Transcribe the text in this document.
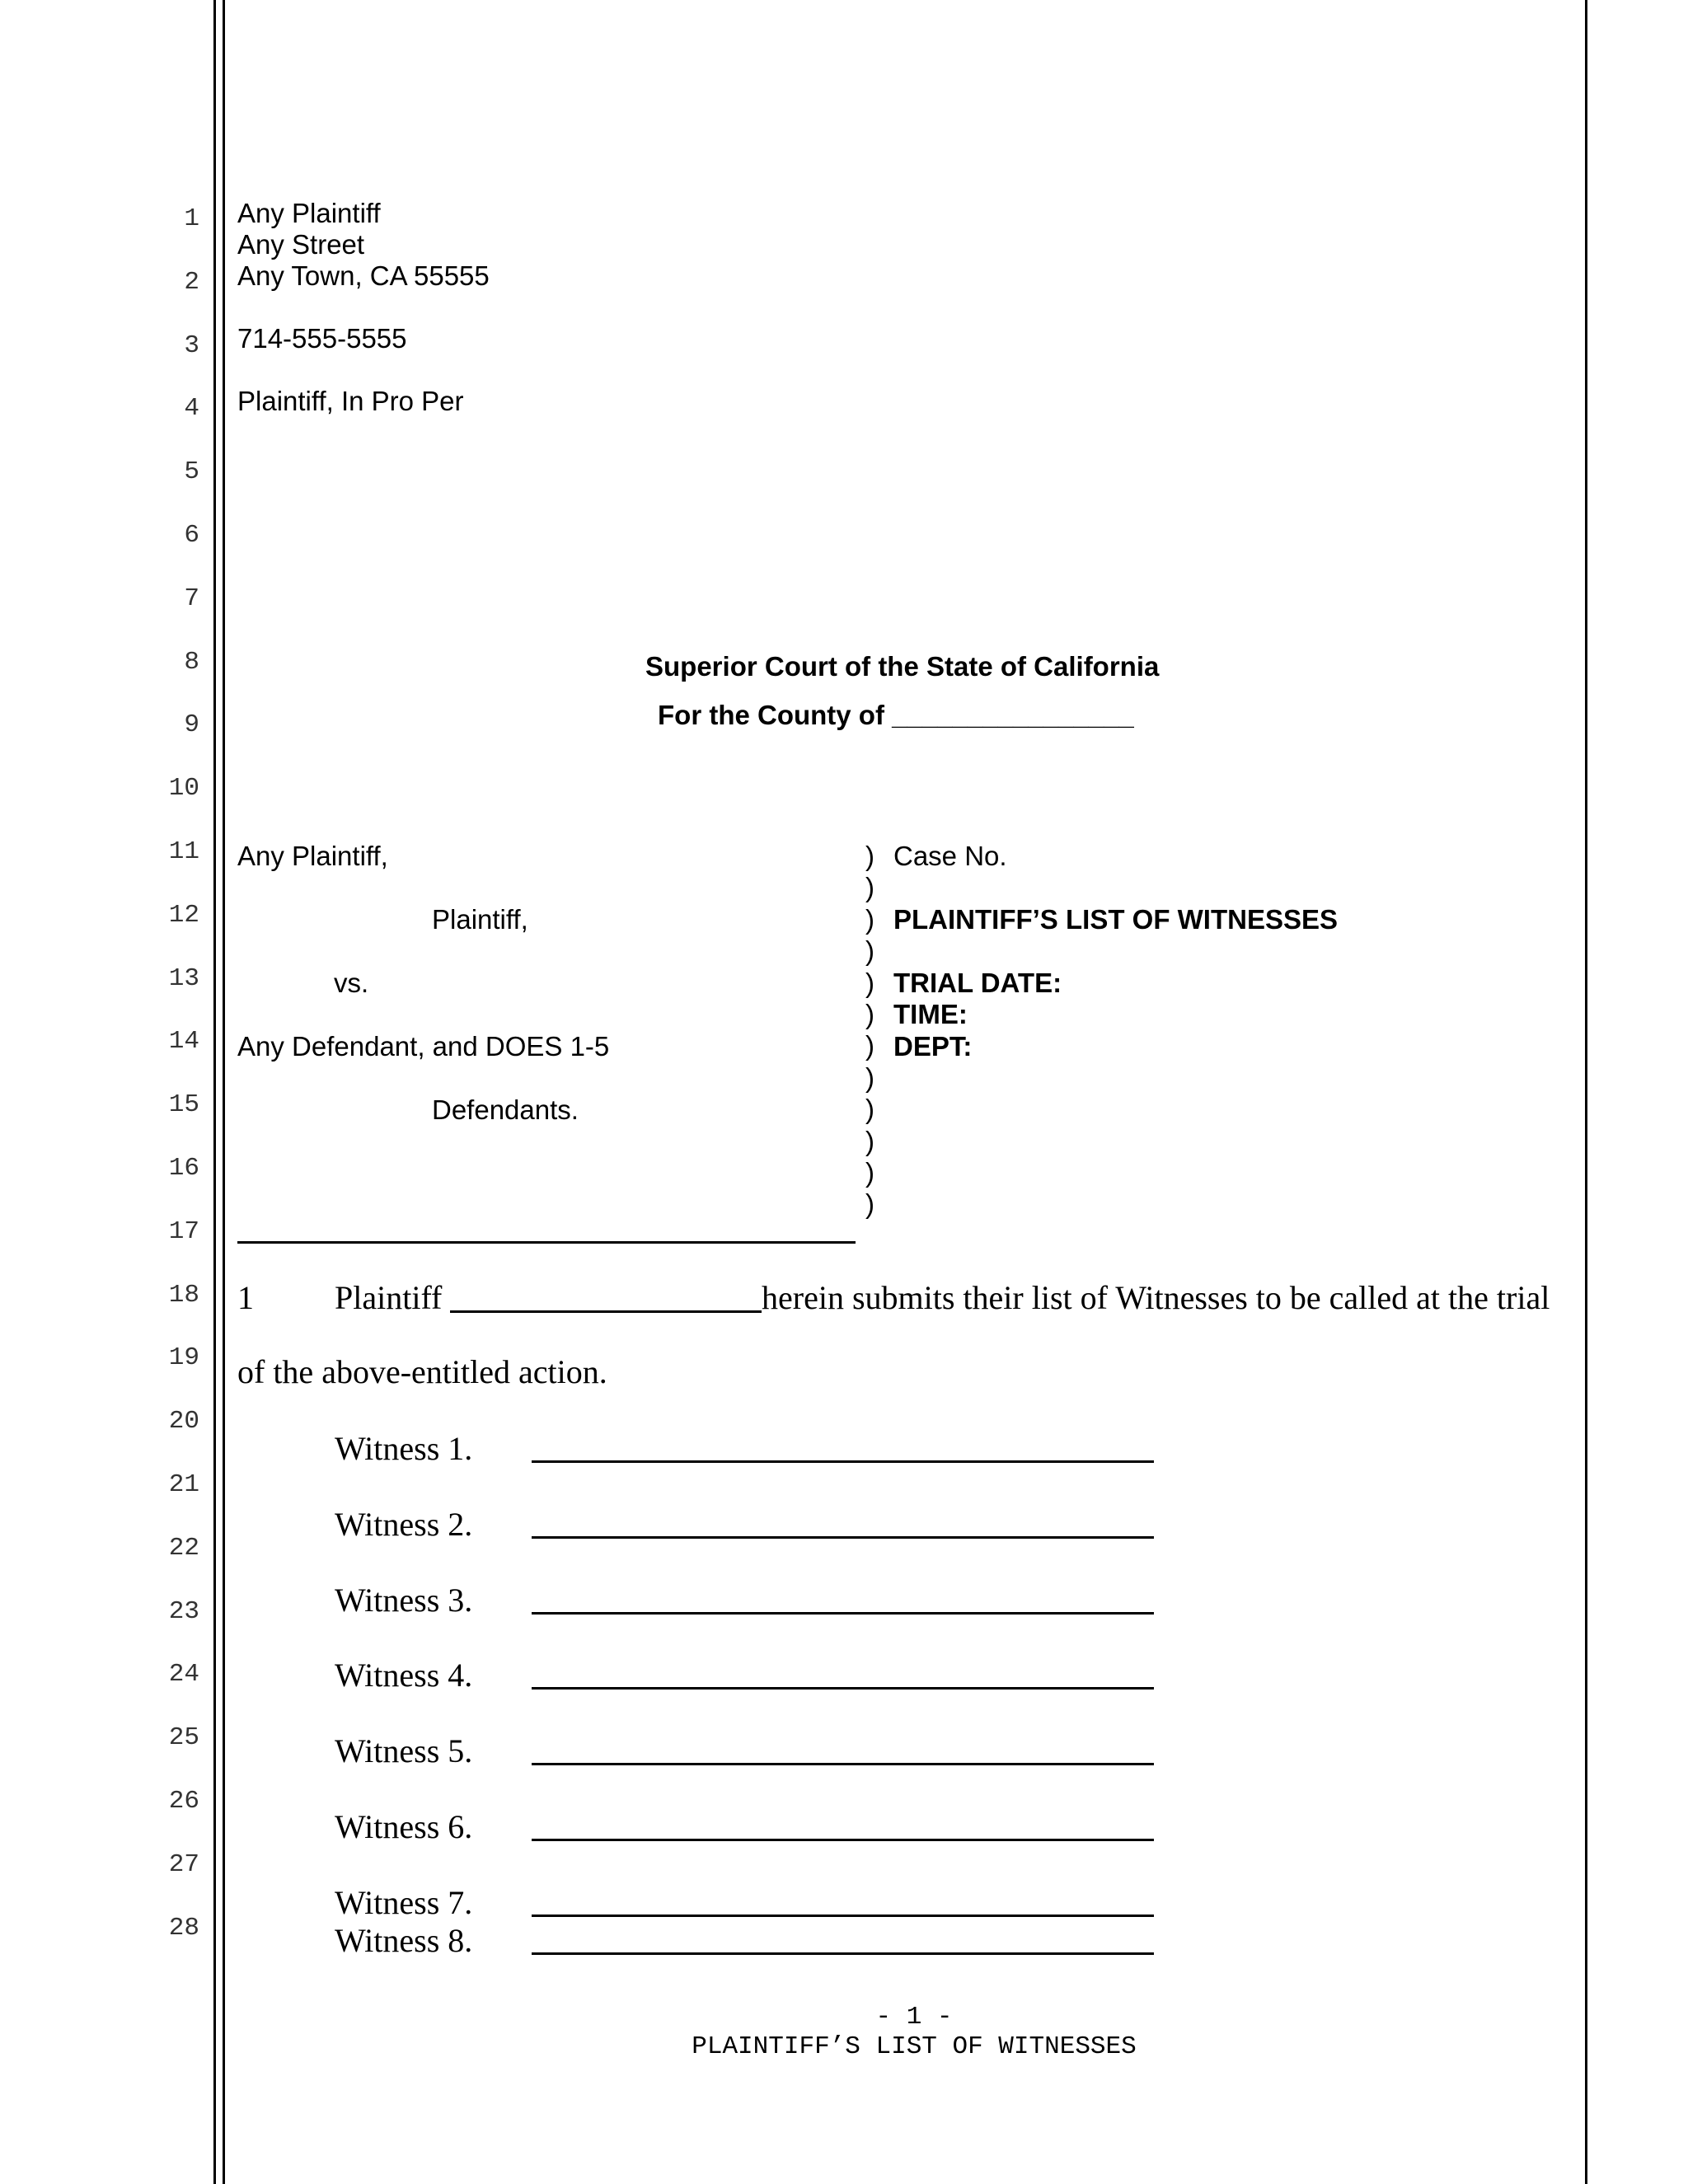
1
2
3
4
5
6
7
8
9
10
11
12
13
14
15
16
17
18
19
20
21
22
23
24
25
26
27
28
Any Plaintiff
Any Street
Any Town, CA 55555
714-555-5555
Plaintiff, In Pro Per
Superior Court of the State of California
For the County of ________________
Any Plaintiff,
Plaintiff,
vs.
Any Defendant, and DOES 1-5
Defendants.
)
)
)
)
)
)
)
)
)
)
)
)
Case No.
PLAINTIFF’S LIST OF WITNESSES
TRIAL DATE:
TIME:
DEPT:
1 Plaintiff	herein submits their list of Witnesses to be called at the trial
of the above-entitled action.
Witness 1.
Witness 2.
Witness 3.
Witness 4.
Witness 5.
Witness 6.
Witness 7.
Witness 8.
- 1 -
PLAINTIFF’S LIST OF WITNESSES
